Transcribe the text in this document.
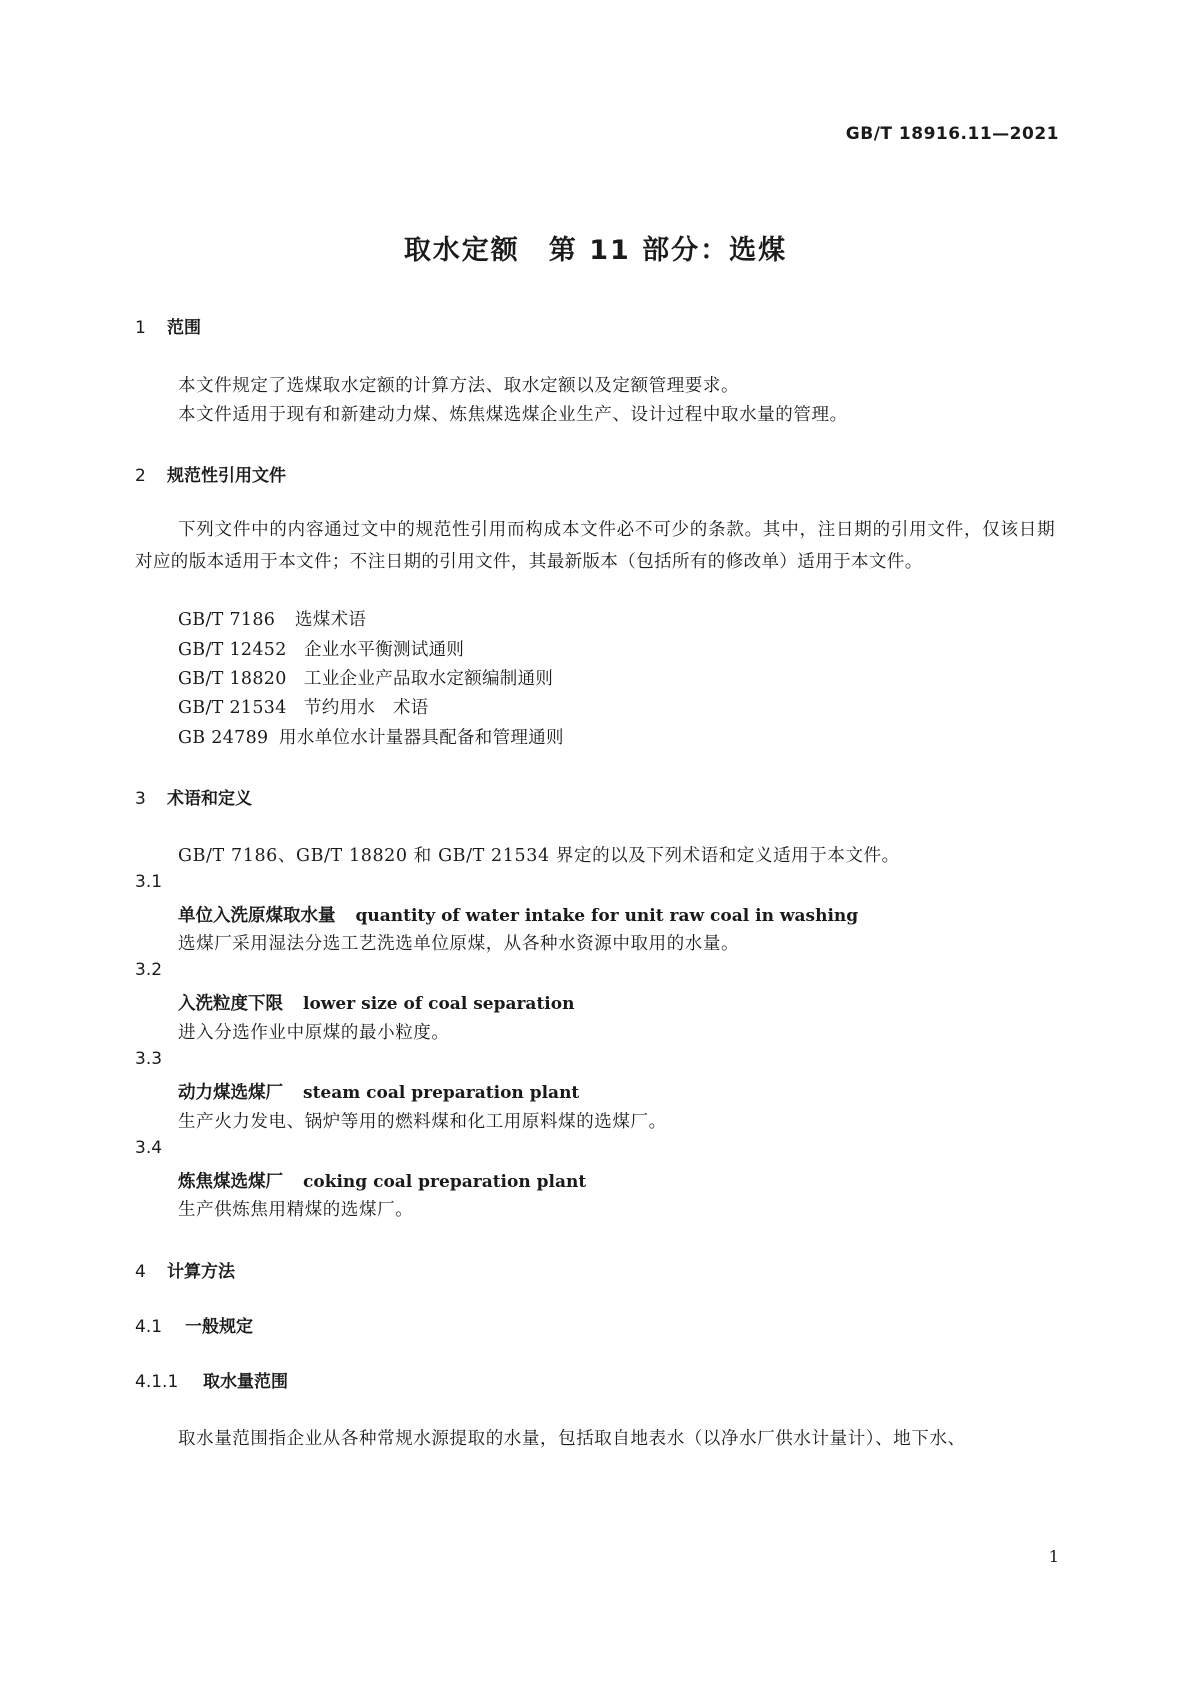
GB/T 18916.11—2021
取水定额　第 11 部分：选煤
1 范围
本文件规定了选煤取水定额的计算方法、取水定额以及定额管理要求。
本文件适用于现有和新建动力煤、炼焦煤选煤企业生产、设计过程中取水量的管理。
2 规范性引用文件
下列文件中的内容通过文中的规范性引用而构成本文件必不可少的条款。其中，注日期的引用文件，仅该日期对应的版本适用于本文件；不注日期的引用文件，其最新版本（包括所有的修改单）适用于本文件。
GB/T 7186 选煤术语
GB/T 12452 企业水平衡测试通则
GB/T 18820 工业企业产品取水定额编制通则
GB/T 21534 节约用水　术语
GB 24789 用水单位水计量器具配备和管理通则
3 术语和定义
GB/T 7186、GB/T 18820 和 GB/T 21534 界定的以及下列术语和定义适用于本文件。
3.1
单位入洗原煤取水量 quantity of water intake for unit raw coal in washing
选煤厂采用湿法分选工艺洗选单位原煤，从各种水资源中取用的水量。
3.2
入洗粒度下限 lower size of coal separation
进入分选作业中原煤的最小粒度。
3.3
动力煤选煤厂 steam coal preparation plant
生产火力发电、锅炉等用的燃料煤和化工用原料煤的选煤厂。
3.4
炼焦煤选煤厂 coking coal preparation plant
生产供炼焦用精煤的选煤厂。
4 计算方法
4.1 一般规定
4.1.1 取水量范围
取水量范围指企业从各种常规水源提取的水量，包括取自地表水（以净水厂供水计量计）、地下水、
1
